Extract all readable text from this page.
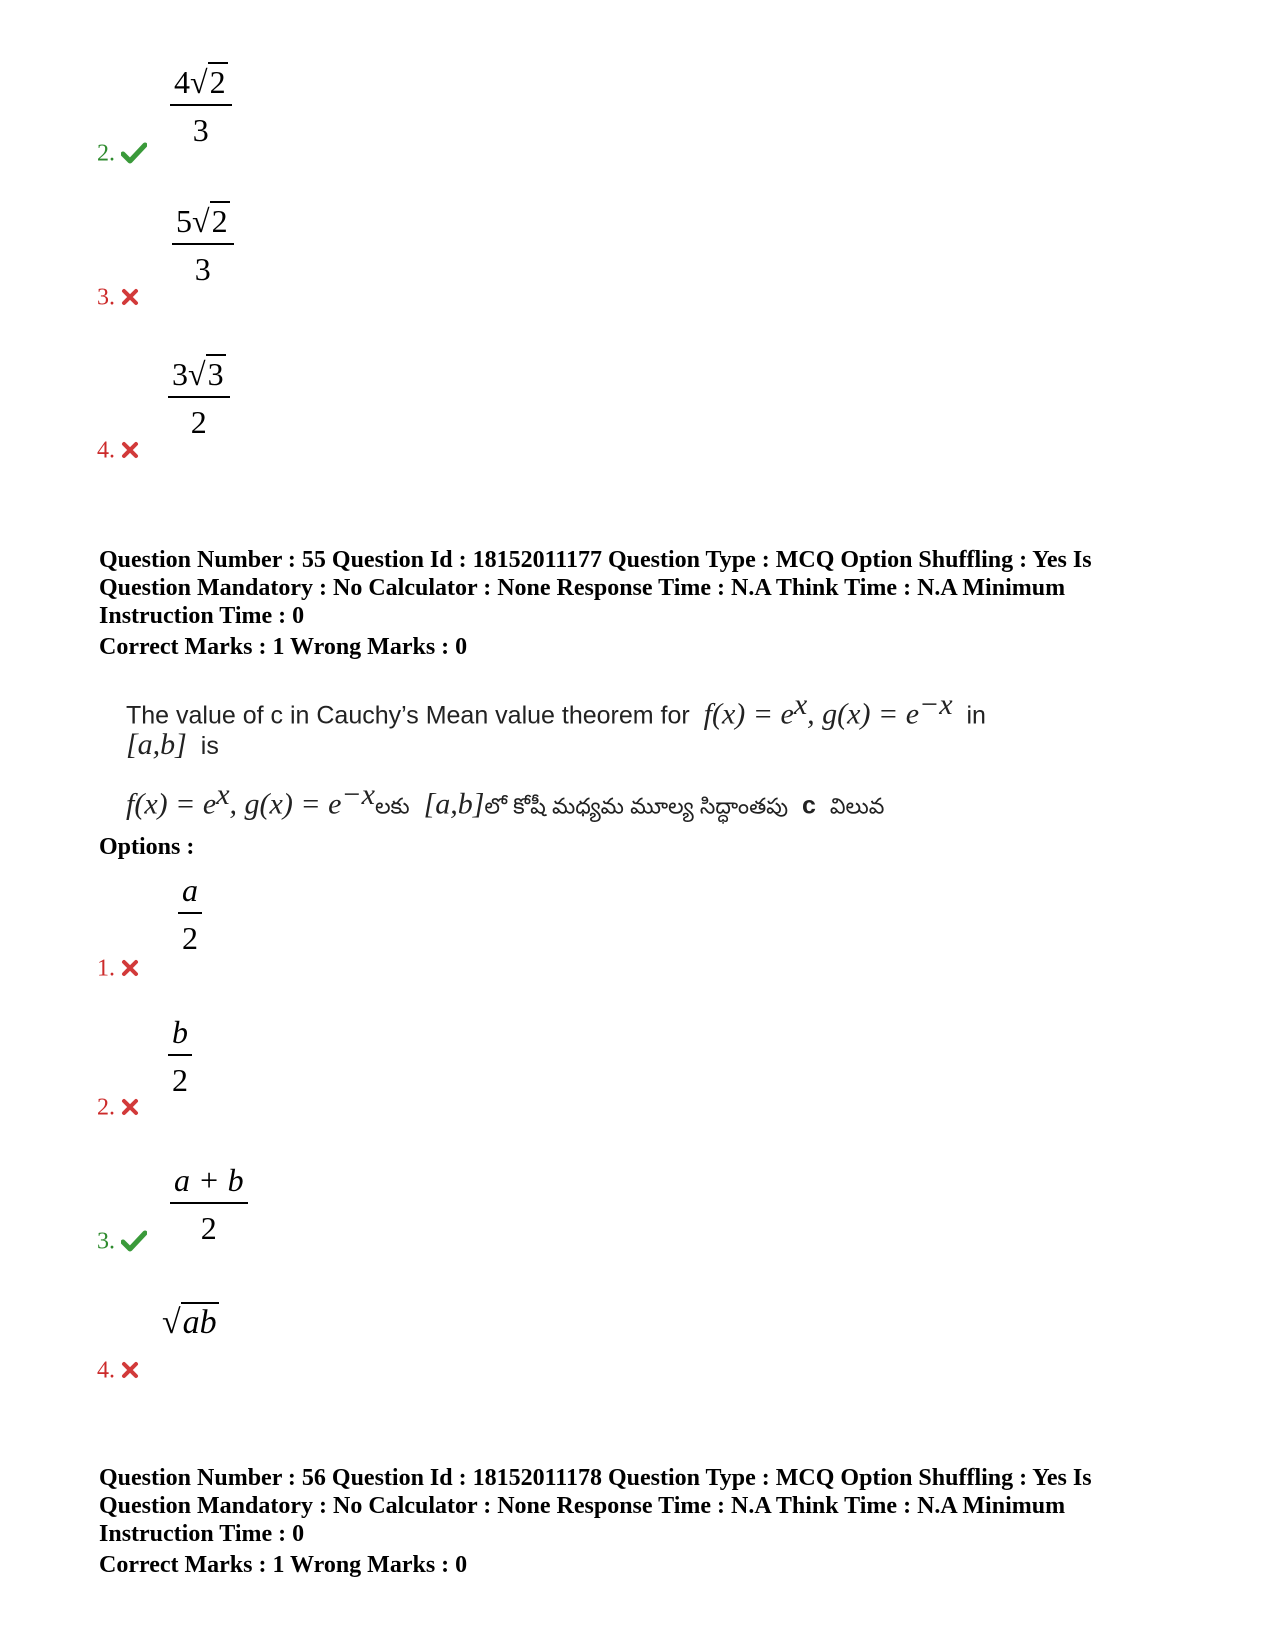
$\frac{4√2}{3}$
2.
$\frac{5√2}{3}$
3.
$\frac{3√3}{2}$
4.
Question Number : 55 Question Id : 18152011177 Question Type : MCQ Option Shuffling : Yes Is
Question Mandatory : No Calculator : None Response Time : N.A Think Time : N.A Minimum
Instruction Time : 0
Correct Marks : 1 Wrong Marks : 0
The value of c in Cauchy’s Mean value theorem for $f(x) = e^x$, $g(x) = e^{-x}$ in
[a,b] is
$f(x) = e^x$, $g(x) = e^{-x}లకు$ [a,b]లో కోషీ మధ్యమ మూల్య సిద్ధాంతపు c విలువ
Options :
$\frac{a}{2}$
1.
$\frac{b}{2}$
2.
$\frac{a + b}{2}$
3.
√ab
4.
Question Number : 56 Question Id : 18152011178 Question Type : MCQ Option Shuffling : Yes Is
Question Mandatory : No Calculator : None Response Time : N.A Think Time : N.A Minimum
Instruction Time : 0
Correct Marks : 1 Wrong Marks : 0
